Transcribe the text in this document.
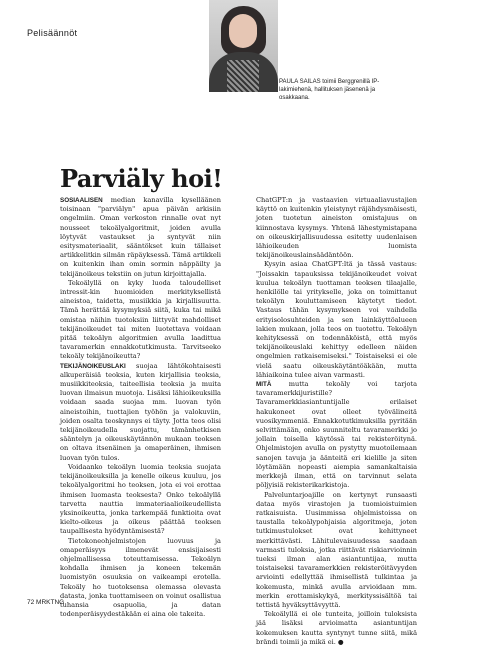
Pelisäännöt
PAULA SAILAS toimii Berggrenillä IP-lakimiehenä, hallituksen jäsenenä ja osakkaana.
Parviäly hoi!

SOSIAALISEN median kanavilla kyselläänen toisinaan "parviälyn" apua päivän arkisiin ongelmiin. Oman verkoston rinnalle ovat nyt nousseet tekoälyalgoritmit, joiden avulla löytyvät vastaukset ja syntyvät niin esitysmateriaalit, sääntökset kuin tällaiset artikkelitkin silmän räpäyksessä. Tämä artikkeli on kuitenkin ihan omin sormin näppäilty ja tekijänoikeus tekstiin on jutun kirjoittajalla.

Tekoälyllä on kyky luoda taloudelliset intressit-kin huomioiden merkityksellistä aineistoa, taidetta, musiikkia ja kirjallisuutta. Tämä herättää kysymyksiä siitä, kuka tai mikä omistaa näihin tuotoksiin liittyvät mahdolliset tekijänoikeudet tai miten luotettava voidaan pitää tekoälyn algoritmien avulla laadittua tavaramerkin ennakkotutkimusta. Tarvitseeko tekoäly tekijänoikeutta?

TEKIJÄNOIKEUSLAKI suojaa lähtökohtaisesti alkuperäisiä teoksia, kuten kirjallisia teoksia, musiikkiteoksia, taiteellisia teoksia ja muita luovan ilmaisun muotoja. Lisäksi lähioikeuksilla voidaan saada suojaa mm. luovan työn aineistoihin, tuottajien työhön ja valokuviin, joiden osalta teoskynnys ei täyty. Jotta teos olisi tekijänoikeudella suojattu, tämänhetkisen sääntelyn ja oikeuskäytännön mukaan teoksen on oltava itsenäinen ja omaperäinen, ihmisen luovan työn tulos.

Voidaanko tekoälyn luomia teoksia suojata tekijänoikeuksilla ja kenelle oikeus kuuluu, jos tekoälyalgoritmi ho teoksen, jota ei voi erottaa ihmisen luomasta teoksesta? Onko tekoälyllä tarvetta nauttia immateriaalioikeudellista yksinoikeutta, jonka tarkempää funktioita ovat kielto-oikeus ja oikeus päättää teoksen taupallisesta hyödyntämisestä?

Tietokoneohjelmistojen luovuus ja omaperäisyys ilmenevät ensisijaisesti ohjelmallisessa toteuttamisessa. Tekoälyn kohdalla ihmisen ja koneen tekemän luomistyön osuuksia on vaikeampi erotella. Tekoäly ho tuotoksensa olemassa olevasta datasta, jonka tuottamiseen on voinut osallistua tuhansia osapuolia, ja datan todenperäisyydestäkään ei aina ole takeita.

ChatGPT:n ja vastaavien virtuaaliavustajien käyttö on kuitenkin yleistynyt räjähdysmäisesti, joten tuotetun aineiston omistajuus on kiinnostava kysymys. Yhtenä lähestymistapana on oikeuskirjallisuudessa esitetty uudenlaisen lähioikeuden luomista tekijänoikeuslainsäädäntöön.

Kysyin asiaa ChatGPT:ltä ja tässä vastaus: "Joissakin tapauksissa tekijänoikeudet voivat kuulua tekoälyn tuottaman teoksen tilaajalle, henkilölle tai yritykselle, joka on toimittanut tekoälyn kouluttamiseen käytetyt tiedot. Vastaus tähän kysymykseen voi vaihdella erityisolosuhteiden ja sen lainkäyttöalueen lakien mukaan, jolla teos on tuotettu. Tekoälyn kehityksessä on todennäköistä, että myös tekijänoikeuslaki kehittyy edelleen näiden ongelmien ratkaisemiseksi." Toistaiseksi ei ole vielä saatu oikeuskäytäntöäkään, mutta lähiaikoina tulee aivan varmasti.

MITÄ mutta tekoäly voi tarjota tavaramerkkijuristille? Tavaramerkkiasiantuntijalle erilaiset hakukoneet ovat olleet työvälineitä vuosikymmeniä. Ennakkotutkimuksilla pyritään selvittämään, onko suunniteltu tavaramerkki jo jollain toisella käytössä tai rekisteröitynä. Ohjelmistojen avulla on pystytty muotoilemaan sanojen tavuja ja äänteitä eri kielille ja siten löytämään nopeasti aiempia samankaltaisia merkkejä ilman, että on tarvinnut selata pöljyisiä rekisterikarkistoja.

Palveluntarjoajille on kertynyt runsaasti dataa myös virastojen ja tuomioistuimien ratkaisuista. Uusimmissa ohjelmistoissa on taustalla tekoälypohjaisia algoritmeja, joten tutkimustulokset ovat kehittyneet merkittävästi. Lähitulevaisuudessa saadaan varmasti tuloksia, jotka riittävät riskiarvioinnin tueksi ilman alan asiantuntijaa, mutta toistaiseksi tavaramerkkien rekisteröitävyyden arviointi edellyttää ihmisellistä tulkintaa ja kokemusta, minkä avulla arvioidaan mm. merkin erottamiskykyä, merkityssisältöä tai tettistä hyväksyttävyyttä.

Tekoälyllä ei ole tunteita, joilloin tuloksista jää lisäksi arvioimatta asiantuntijan kokemuksen kautta syntynyt tunne siitä, mikä brändi toimii ja mikä ei. ●

72 MRKTNG
